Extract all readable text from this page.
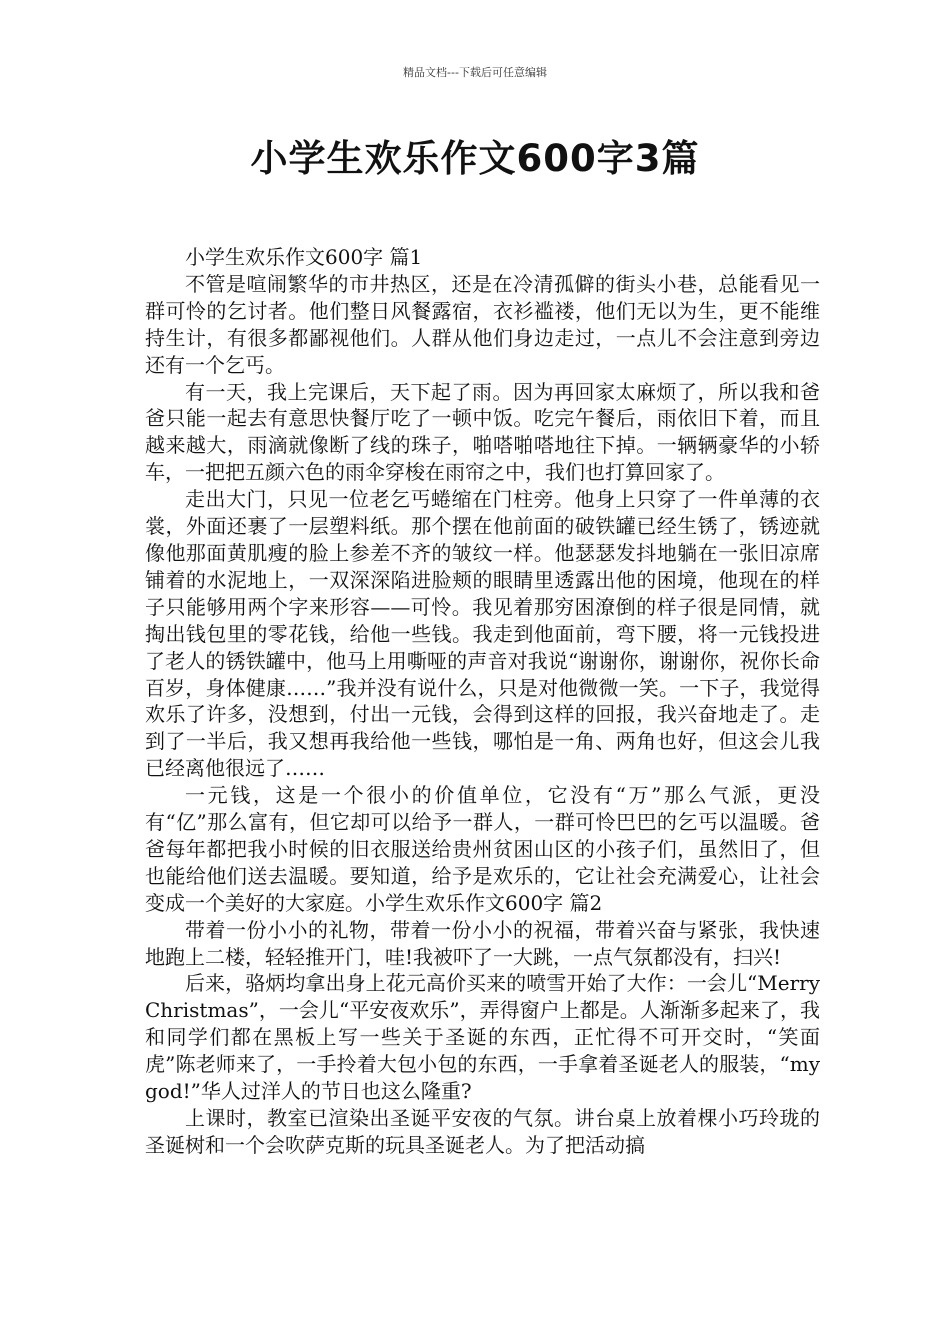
精品文档---下载后可任意编辑
小学生欢乐作文600字3篇

小学生欢乐作文600字 篇1

不管是喧闹繁华的市井热区，还是在冷清孤僻的街头小巷，总能看见一群可怜的乞讨者。他们整日风餐露宿，衣衫褴褛，他们无以为生，更不能维持生计，有很多都鄙视他们。人群从他们身边走过，一点儿不会注意到旁边还有一个乞丐。

有一天，我上完课后，天下起了雨。因为再回家太麻烦了，所以我和爸爸只能一起去有意思快餐厅吃了一顿中饭。吃完午餐后，雨依旧下着，而且越来越大，雨滴就像断了线的珠子，啪嗒啪嗒地往下掉。一辆辆豪华的小轿车，一把把五颜六色的雨伞穿梭在雨帘之中，我们也打算回家了。

走出大门，只见一位老乞丐蜷缩在门柱旁。他身上只穿了一件单薄的衣裳，外面还裹了一层塑料纸。那个摆在他前面的破铁罐已经生锈了，锈迹就像他那面黄肌瘦的脸上参差不齐的皱纹一样。他瑟瑟发抖地躺在一张旧凉席铺着的水泥地上，一双深深陷进脸颊的眼睛里透露出他的困境，他现在的样子只能够用两个字来形容——可怜。我见着那穷困潦倒的样子很是同情，就掏出钱包里的零花钱，给他一些钱。我走到他面前，弯下腰，将一元钱投进了老人的锈铁罐中，他马上用嘶哑的声音对我说“谢谢你，谢谢你，祝你长命百岁，身体健康……”我并没有说什么，只是对他微微一笑。一下子，我觉得欢乐了许多，没想到，付出一元钱，会得到这样的回报，我兴奋地走了。走到了一半后，我又想再我给他一些钱，哪怕是一角、两角也好，但这会儿我已经离他很远了……

一元钱，这是一个很小的价值单位，它没有“万”那么气派，更没有“亿”那么富有，但它却可以给予一群人，一群可怜巴巴的乞丐以温暖。爸爸每年都把我小时候的旧衣服送给贵州贫困山区的小孩子们，虽然旧了，但也能给他们送去温暖。要知道，给予是欢乐的，它让社会充满爱心，让社会变成一个美好的大家庭。小学生欢乐作文600字 篇2

带着一份小小的礼物，带着一份小小的祝福，带着兴奋与紧张，我快速地跑上二楼，轻轻推开门，哇!我被吓了一大跳，一点气氛都没有，扫兴!

后来，骆炳均拿出身上花元高价买来的喷雪开始了大作：一会儿“Merry Christmas”，一会儿“平安夜欢乐”，弄得窗户上都是。人渐渐多起来了，我和同学们都在黑板上写一些关于圣诞的东西，正忙得不可开交时，“笑面虎”陈老师来了，一手拎着大包小包的东西，一手拿着圣诞老人的服装，“my god!”华人过洋人的节日也这么隆重?

上课时，教室已渲染出圣诞平安夜的气氛。讲台桌上放着棵小巧玲珑的圣诞树和一个会吹萨克斯的玩具圣诞老人。为了把活动搞
